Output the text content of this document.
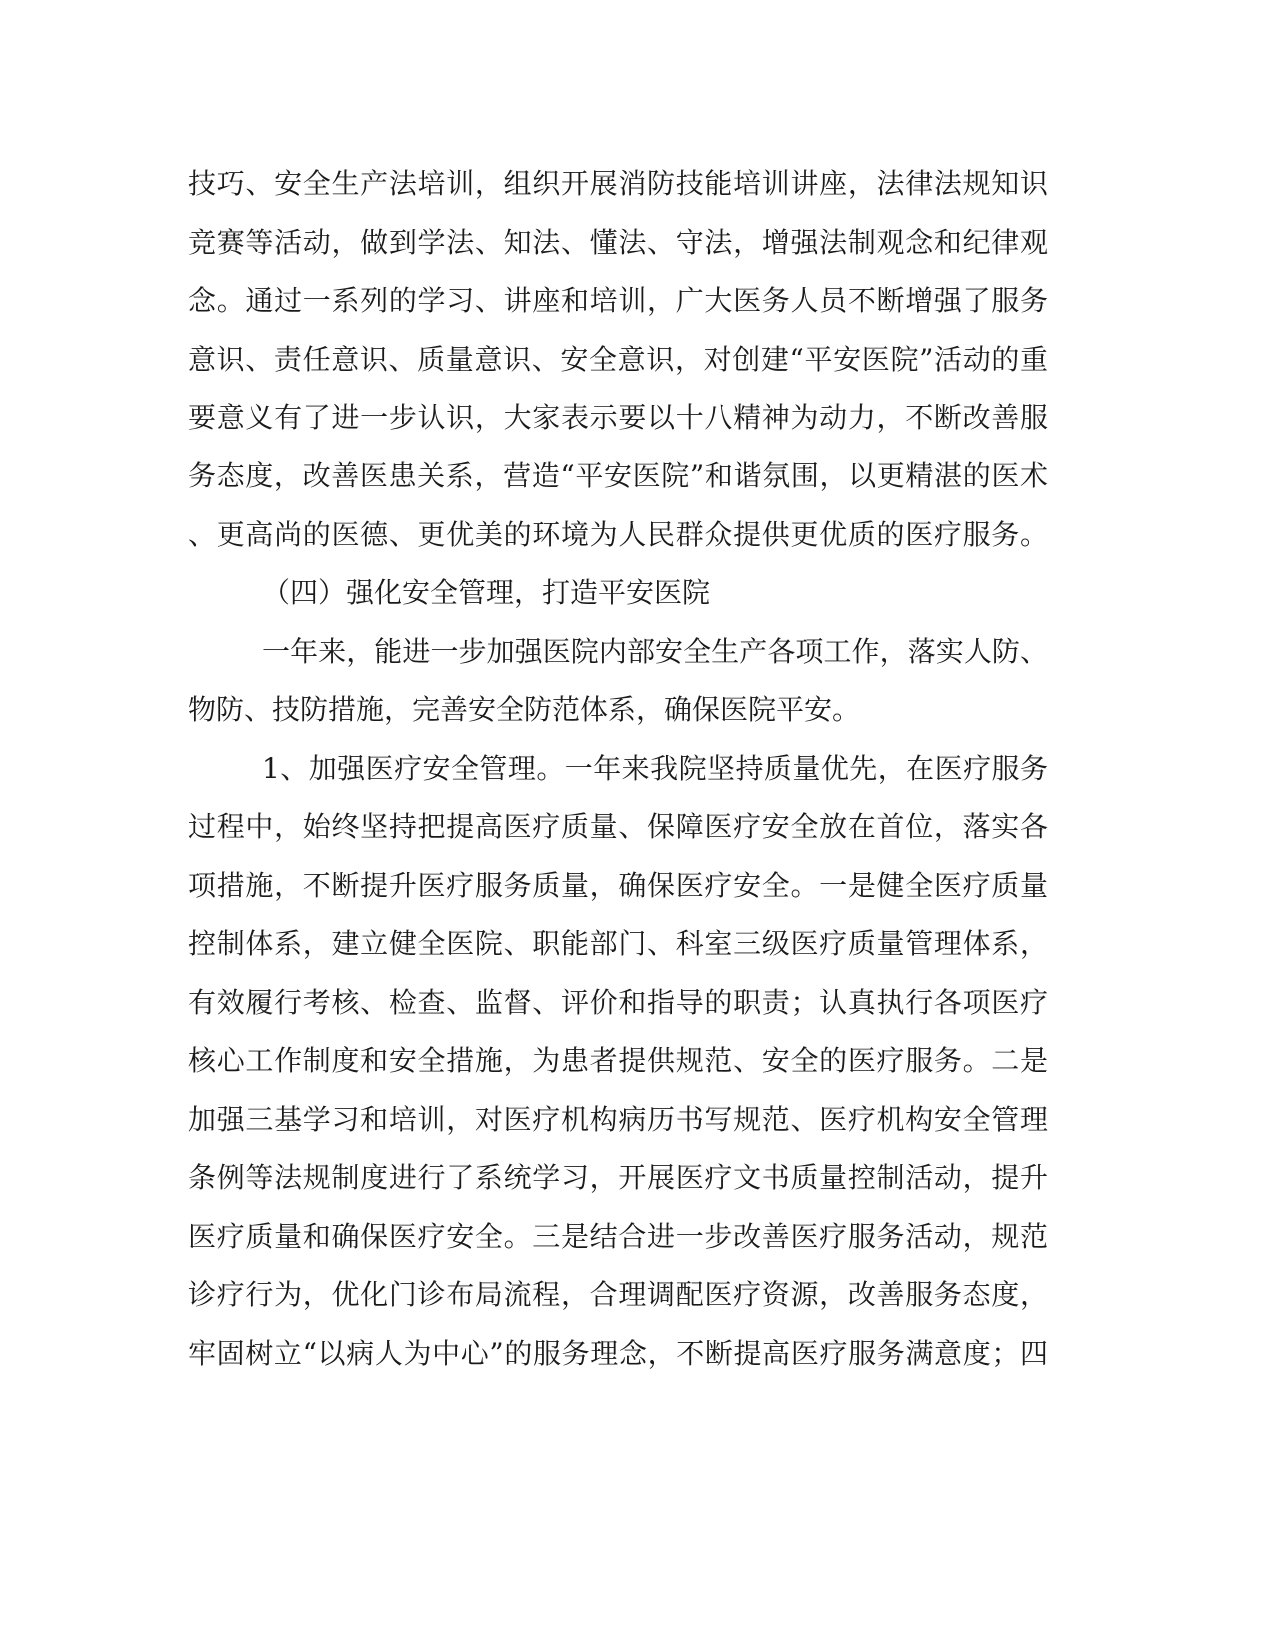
技巧、安全生产法培训，组织开展消防技能培训讲座，法律法规知识
竞赛等活动，做到学法、知法、懂法、守法，增强法制观念和纪律观
念。通过一系列的学习、讲座和培训，广大医务人员不断增强了服务
意识、责任意识、质量意识、安全意识，对创建“平安医院”活动的重
要意义有了进一步认识，大家表示要以十八精神为动力，不断改善服
务态度，改善医患关系，营造“平安医院”和谐氛围，以更精湛的医术
、更高尚的医德、更优美的环境为人民群众提供更优质的医疗服务。
（四）强化安全管理，打造平安医院
一年来，能进一步加强医院内部安全生产各项工作，落实人防、
物防、技防措施，完善安全防范体系，确保医院平安。
1、加强医疗安全管理。一年来我院坚持质量优先，在医疗服务
过程中，始终坚持把提高医疗质量、保障医疗安全放在首位，落实各
项措施，不断提升医疗服务质量，确保医疗安全。一是健全医疗质量
控制体系，建立健全医院、职能部门、科室三级医疗质量管理体系，
有效履行考核、检查、监督、评价和指导的职责；认真执行各项医疗
核心工作制度和安全措施，为患者提供规范、安全的医疗服务。二是
加强三基学习和培训，对医疗机构病历书写规范、医疗机构安全管理
条例等法规制度进行了系统学习，开展医疗文书质量控制活动，提升
医疗质量和确保医疗安全。三是结合进一步改善医疗服务活动，规范
诊疗行为，优化门诊布局流程，合理调配医疗资源，改善服务态度，
牢固树立“以病人为中心”的服务理念，不断提高医疗服务满意度；四
